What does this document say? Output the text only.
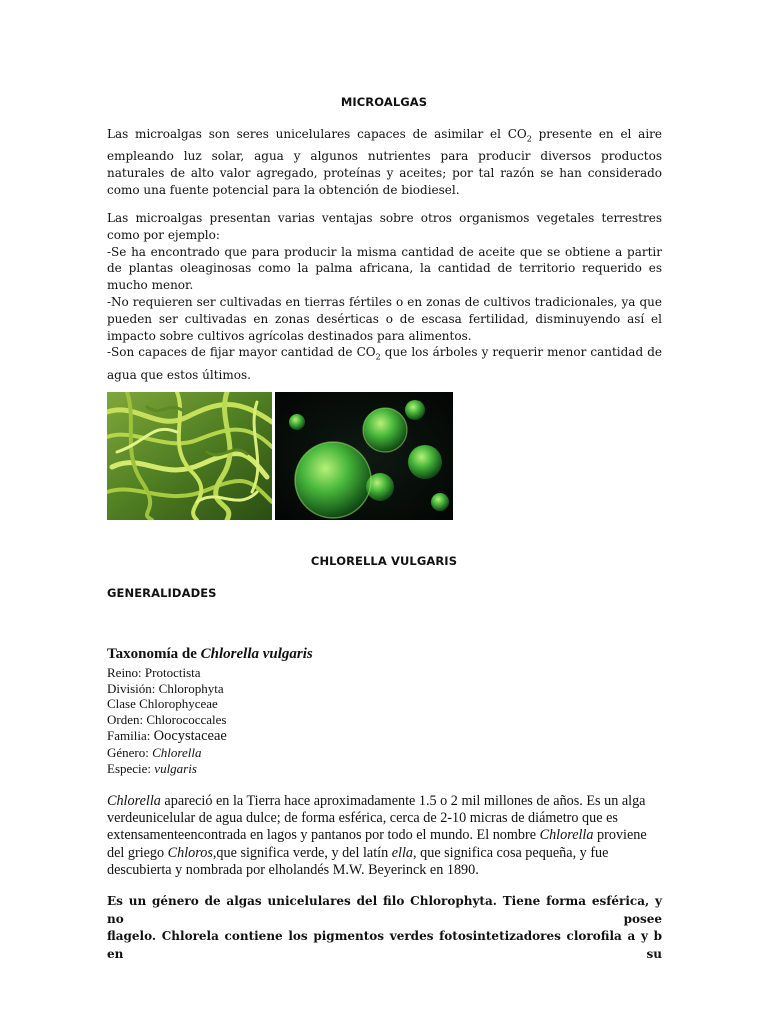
MICROALGAS

Las microalgas son seres unicelulares capaces de asimilar el $CO_2$ presente en el aire empleando luz solar, agua y algunos nutrientes para producir diversos productos naturales de alto valor agregado, proteínas y aceites; por tal razón se han considerado como una fuente potencial para la obtención de biodiesel.

Las microalgas presentan varias ventajas sobre otros organismos vegetales terrestres como por ejemplo:
-Se ha encontrado que para producir la misma cantidad de aceite que se obtiene a partir de plantas oleaginosas como la palma africana, la cantidad de territorio requerido es mucho menor.
-No requieren ser cultivadas en tierras fértiles o en zonas de cultivos tradicionales, ya que pueden ser cultivadas en zonas desérticas o de escasa fertilidad, disminuyendo así el impacto sobre cultivos agrícolas destinados para alimentos.
-Son capaces de fijar mayor cantidad de $CO_2$ que los árboles y requerir menor cantidad de agua que estos últimos.
CHLORELLA VULGARIS
GENERALIDADES
Taxonomía de Chlorella vulgaris
Reino: Protoctista
División: Chlorophyta
Clase Chlorophyceae
Orden: Chlorococcales
Familia: Oocystaceae
Género: Chlorella
Especie: vulgaris

Chlorella apareció en la Tierra hace aproximadamente 1.5 o 2 mil millones de años. Es un alga verdeunicelular de agua dulce; de forma esférica, cerca de 2-10 micras de diámetro que es extensamenteencontrada en lagos y pantanos por todo el mundo. El nombre Chlorella proviene del griego Chloros,que significa verde, y del latín ella, que significa cosa pequeña, y fue descubierta y nombrada por elholandés M.W. Beyerinck en 1890.

Es un género de algas unicelulares del filo Chlorophyta. Tiene forma esférica, y no posee
flagelo. Chlorela contiene los pigmentos verdes fotosintetizadores clorofila a y b en su
